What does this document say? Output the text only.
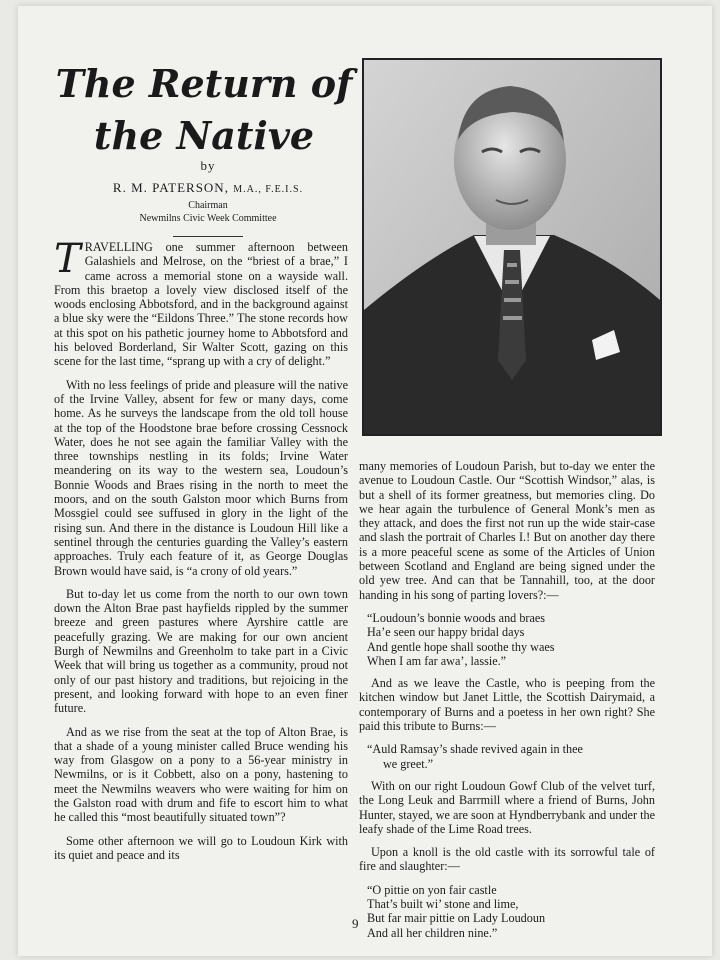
The Return of
the Native
by
R. M. PATERSON, M.A., F.E.I.S.
Chairman
Newmilns Civic Week Committee

TRAVELLING one summer afternoon between Galashiels and Melrose, on the “briest of a brae,” I came across a memorial stone on a wayside wall. From this braetop a lovely view disclosed itself of the woods enclosing Abbotsford, and in the background against a blue sky were the “Eildons Three.” The stone records how at this spot on his pathetic journey home to Abbotsford and his beloved Borderland, Sir Walter Scott, gazing on this scene for the last time, “sprang up with a cry of delight.”

With no less feelings of pride and pleasure will the native of the Irvine Valley, absent for few or many days, come home. As he surveys the landscape from the old toll house at the top of the Hoodstone brae before crossing Cessnock Water, does he not see again the familiar Valley with the three townships nestling in its folds; Irvine Water meandering on its way to the western sea, Loudoun’s Bonnie Woods and Braes rising in the north to meet the moors, and on the south Galston moor which Burns from Mossgiel could see suffused in glory in the light of the rising sun. And there in the distance is Loudoun Hill like a sentinel through the centuries guarding the Valley’s eastern approaches. Truly each feature of it, as George Douglas Brown would have said, is “a crony of old years.”

But to-day let us come from the north to our own town down the Alton Brae past hayfields rippled by the summer breeze and green pastures where Ayrshire cattle are peacefully grazing. We are making for our own ancient Burgh of Newmilns and Greenholm to take part in a Civic Week that will bring us together as a community, proud not only of our past history and traditions, but rejoicing in the present, and looking forward with hope to an even finer future.

And as we rise from the seat at the top of Alton Brae, is that a shade of a young minister called Bruce wending his way from Glasgow on a pony to a 56-year ministry in Newmilns, or is it Cobbett, also on a pony, hastening to meet the Newmilns weavers who were waiting for him on the Galston road with drum and fife to escort him to what he called this “most beautifully situated town”?

Some other afternoon we will go to Loudoun Kirk with its quiet and peace and its

many memories of Loudoun Parish, but to-day we enter the avenue to Loudoun Castle. Our “Scottish Windsor,” alas, is but a shell of its former greatness, but memories cling. Do we hear again the turbulence of General Monk’s men as they attack, and does the first not run up the wide stair-case and slash the portrait of Charles I.! But on another day there is a more peaceful scene as some of the Articles of Union between Scotland and England are being signed under the old yew tree. And can that be Tannahill, too, at the door handing in his song of parting lovers?:—

“Loudoun’s bonnie woods and braes
Ha’e seen our happy bridal days
And gentle hope shall soothe thy waes
When I am far awa’, lassie.”

And as we leave the Castle, who is peeping from the kitchen window but Janet Little, the Scottish Dairymaid, a contemporary of Burns and a poetess in her own right? She paid this tribute to Burns:—

“Auld Ramsay’s shade revived again in thee
we greet.”

With on our right Loudoun Gowf Club of the velvet turf, the Long Leuk and Barrmill where a friend of Burns, John Hunter, stayed, we are soon at Hyndberrybank and under the leafy shade of the Lime Road trees.

Upon a knoll is the old castle with its sorrowful tale of fire and slaughter:—

“O pittie on yon fair castle
That’s built wi’ stone and lime,
But far mair pittie on Lady Loudoun
And all her children nine.”

9
